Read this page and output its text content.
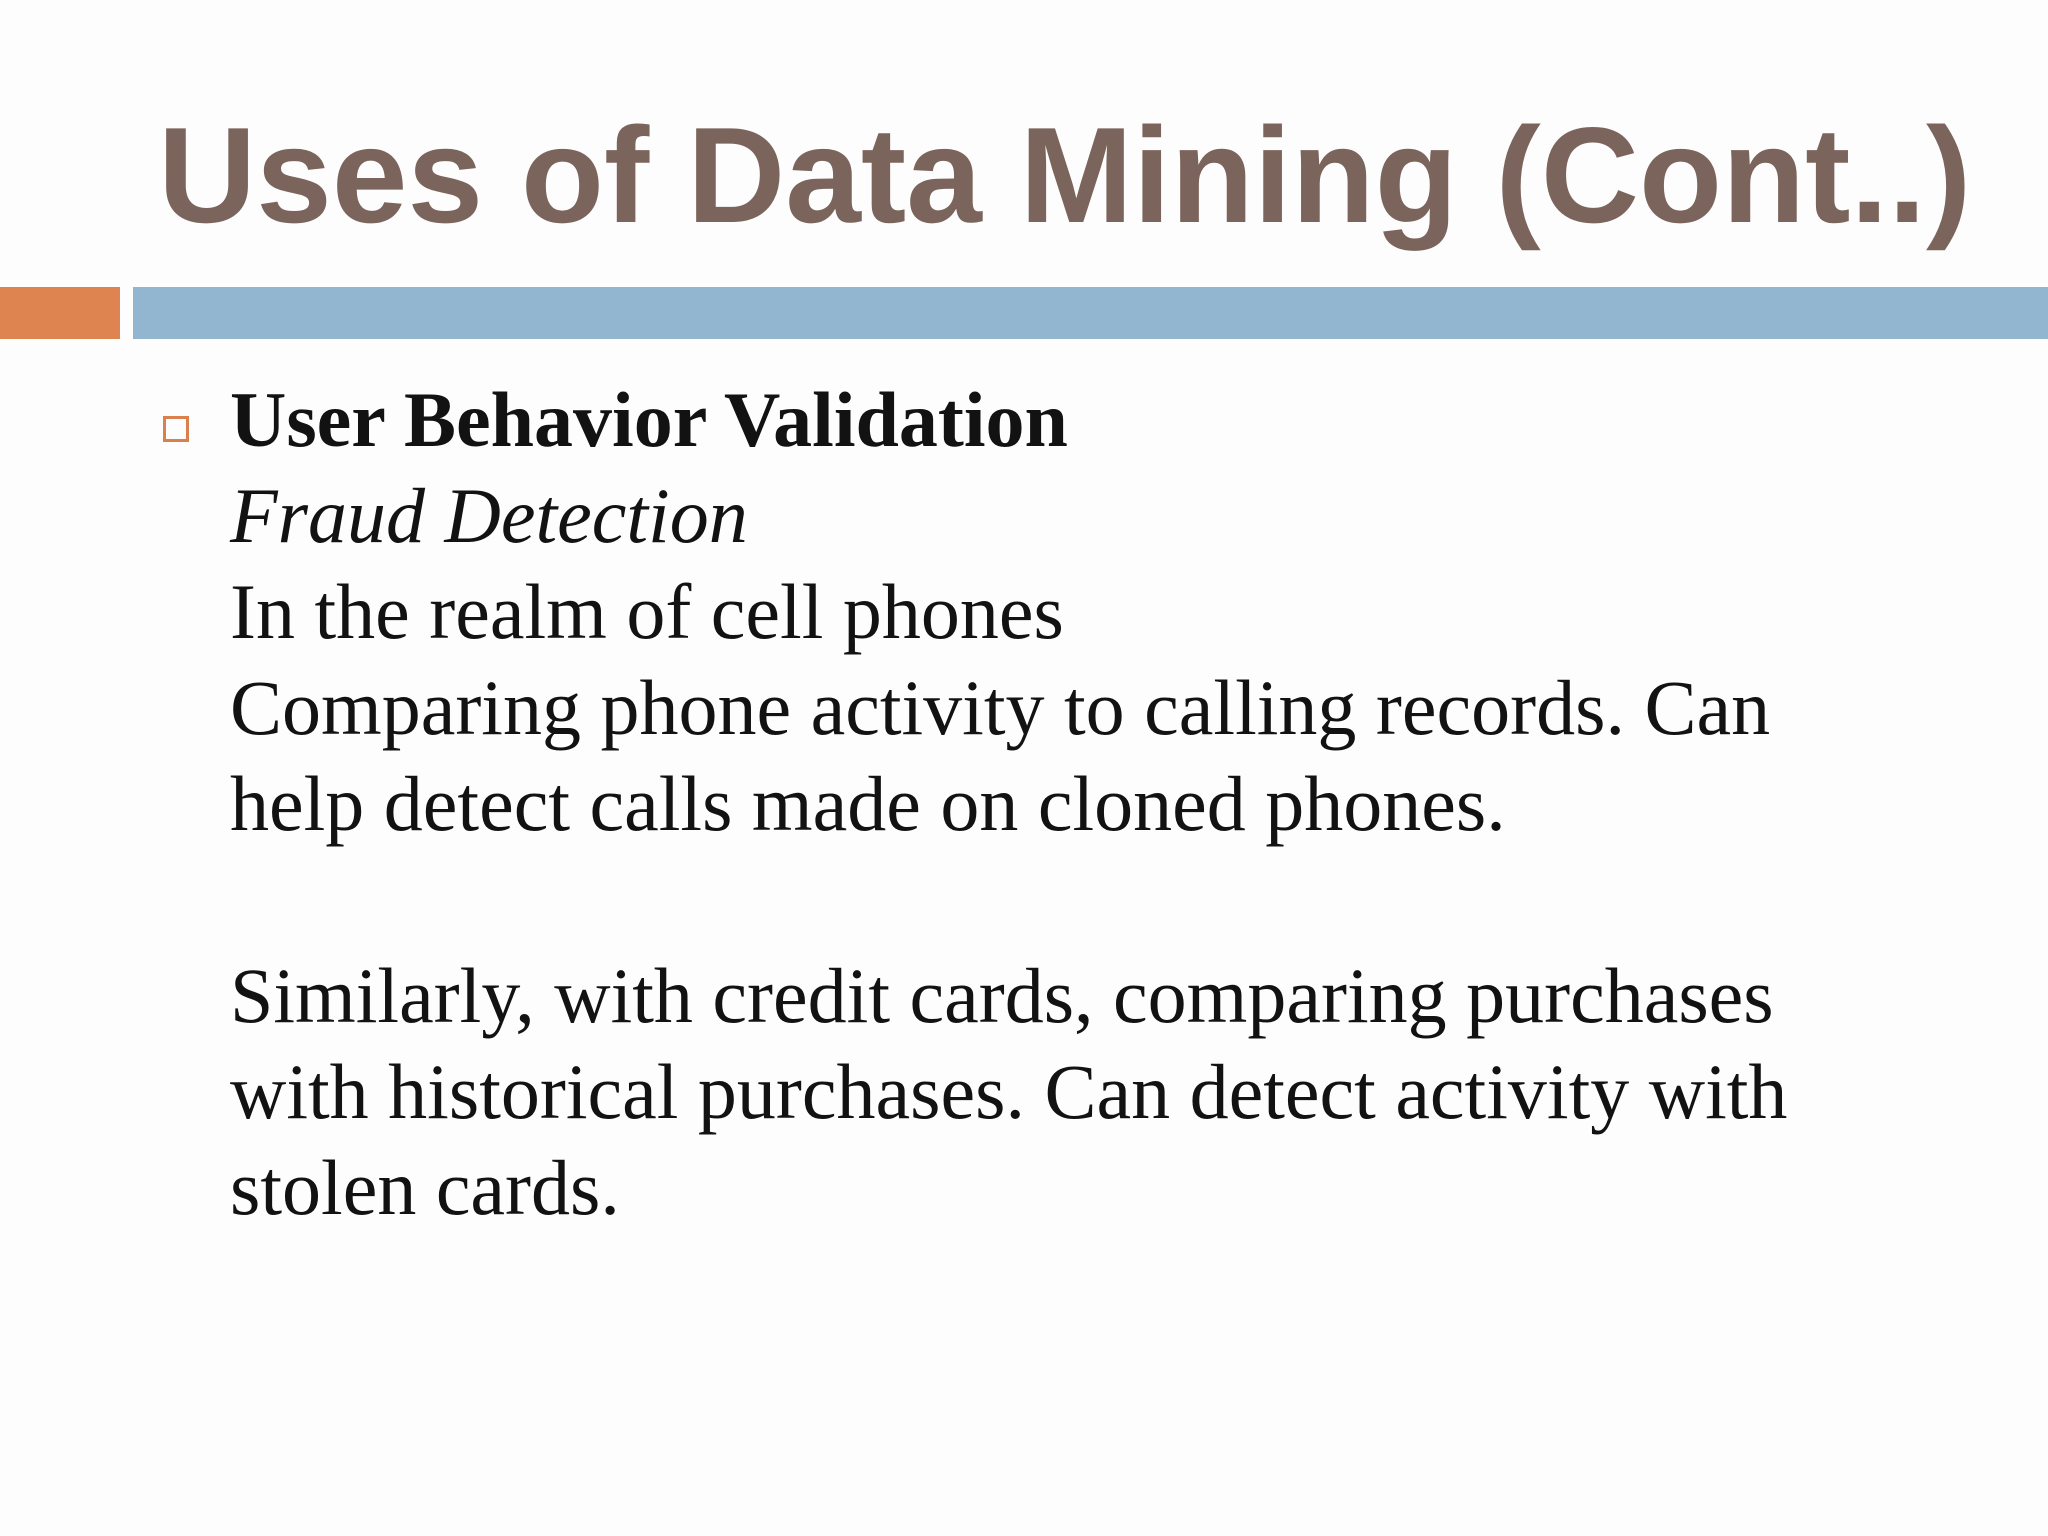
Uses of Data Mining (Cont..)
User Behavior Validation
Fraud Detection
In the realm of cell phones
Comparing phone activity to calling records. Can
help detect calls made on cloned phones.
Similarly, with credit cards, comparing purchases
with historical purchases. Can detect activity with
stolen cards.
